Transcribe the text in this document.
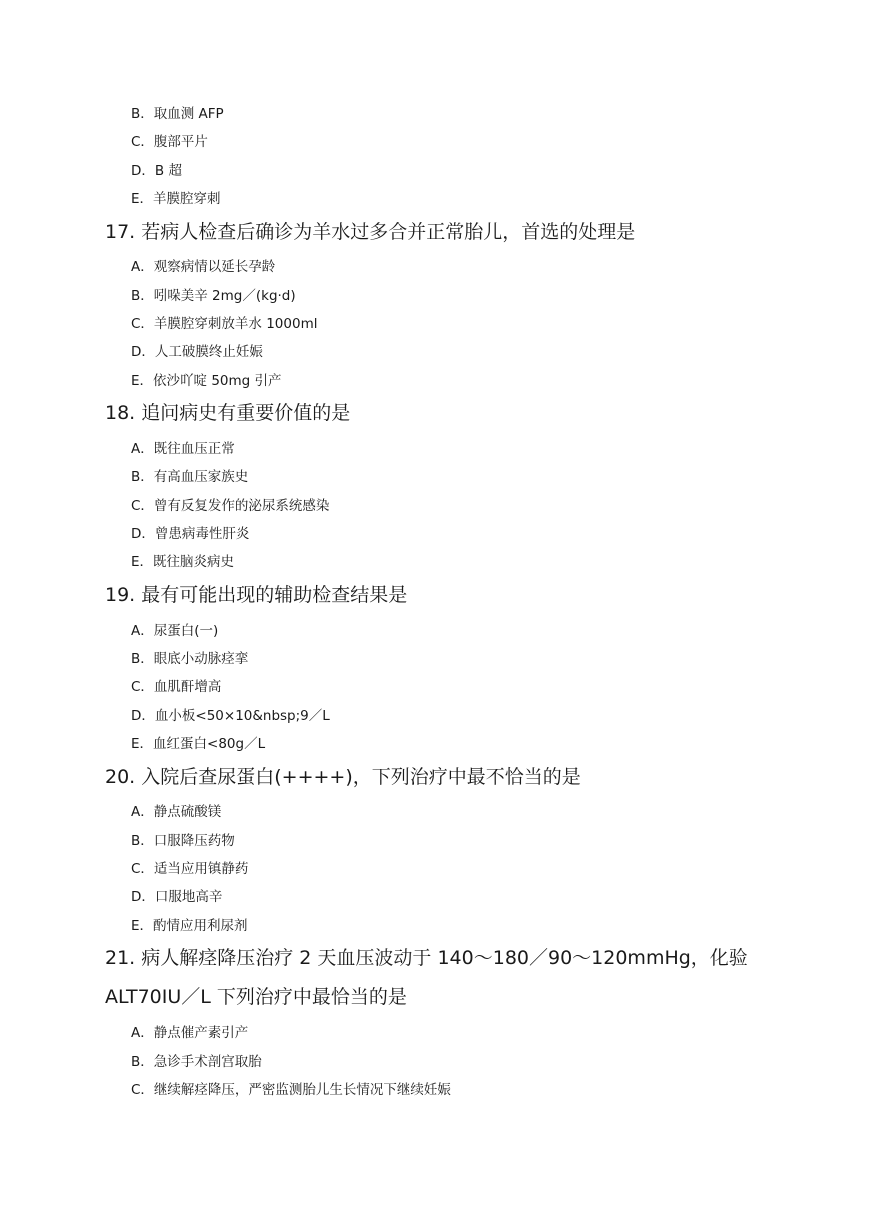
B．取血测 AFP
C．腹部平片
D．B 超
E．羊膜腔穿刺
17. 若病人检查后确诊为羊水过多合并正常胎儿，首选的处理是
A．观察病情以延长孕龄
B．吲哚美辛 2mg／(kg·d)
C．羊膜腔穿刺放羊水 1000ml
D．人工破膜终止妊娠
E．依沙吖啶 50mg 引产
18. 追问病史有重要价值的是
A．既往血压正常
B．有高血压家族史
C．曾有反复发作的泌尿系统感染
D．曾患病毒性肝炎
E．既往脑炎病史
19. 最有可能出现的辅助检查结果是
A．尿蛋白(一)
B．眼底小动脉痉挛
C．血肌酐增高
D．血小板<50×10&nbsp;9／L
E．血红蛋白<80g／L
20. 入院后查尿蛋白(++++)，下列治疗中最不恰当的是
A．静点硫酸镁
B．口服降压药物
C．适当应用镇静药
D．口服地高辛
E．酌情应用利尿剂
21. 病人解痉降压治疗 2 天血压波动于 140～180／90～120mmHg，化验
ALT70IU／L 下列治疗中最恰当的是
A．静点催产素引产
B．急诊手术剖宫取胎
C．继续解痉降压，严密监测胎儿生长情况下继续妊娠
